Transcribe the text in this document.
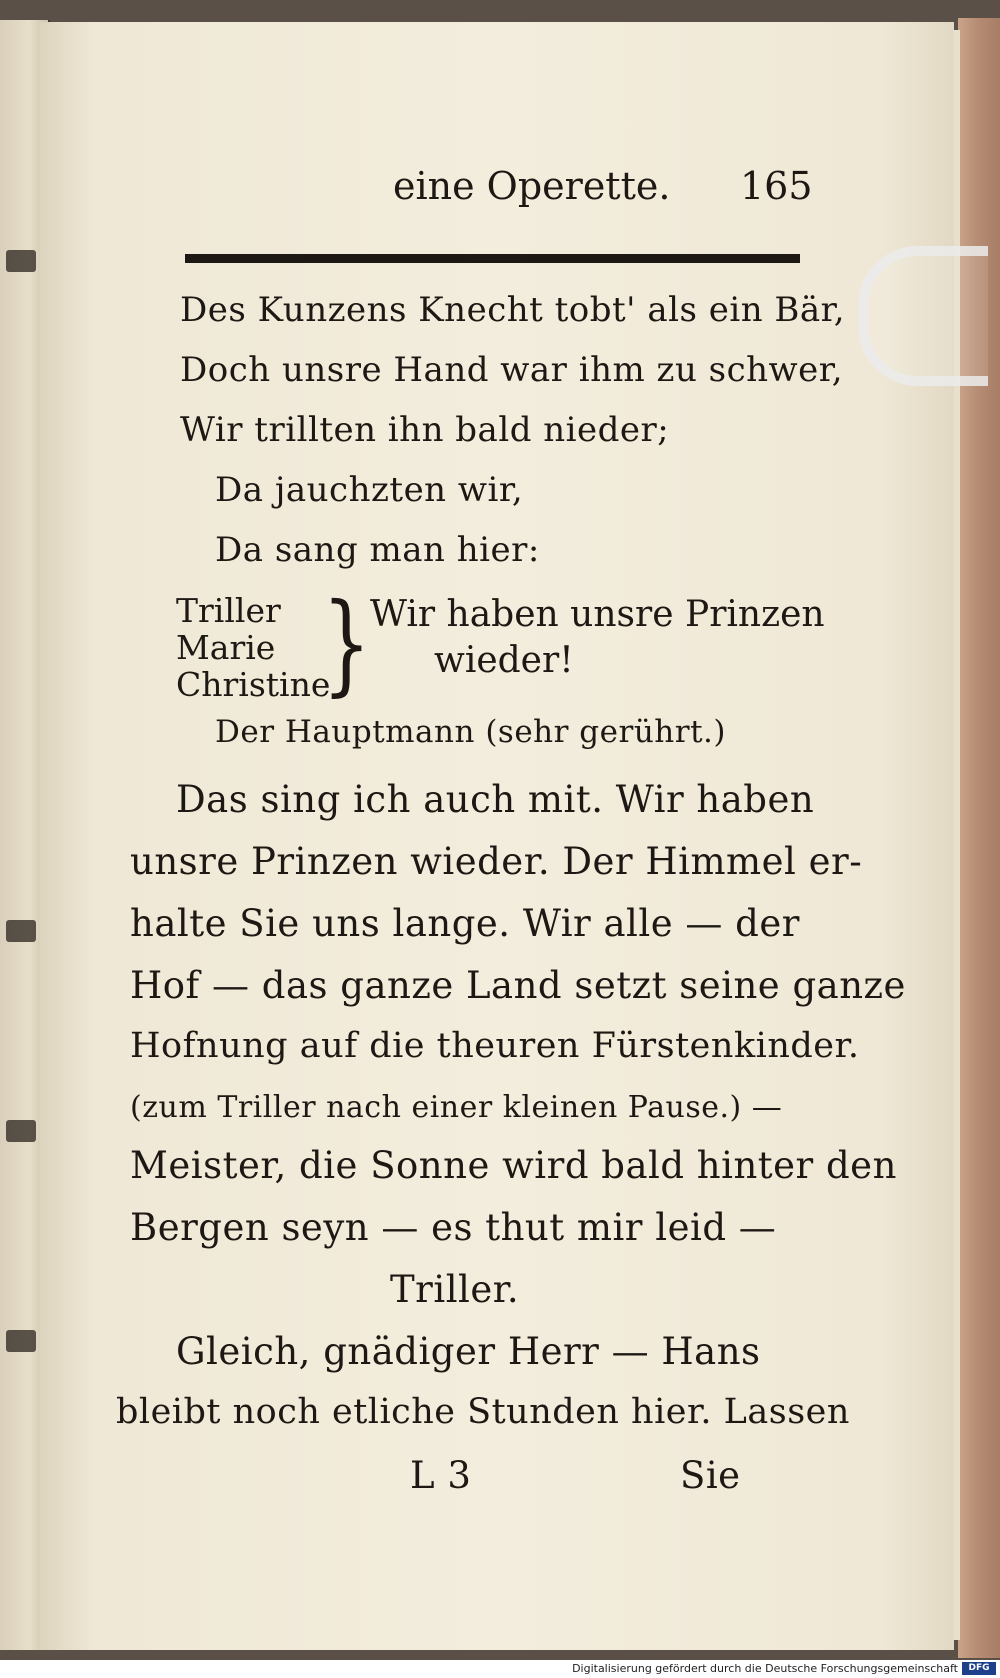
eine Operette. 165
Des Kunzens Knecht tobt' als ein Bär,
Doch unsre Hand war ihm zu schwer,
Wir trillten ihn bald nieder;
Da jauchzten wir,
Da sang man hier:
Triller
Marie
Christine
} Wir haben unsre Prinzen
wieder!
Der Hauptmann (sehr gerührt.)
Das sing ich auch mit. Wir haben
unsre Prinzen wieder. Der Himmel er-
halte Sie uns lange. Wir alle — der
Hof — das ganze Land setzt seine ganze
Hofnung auf die theuren Fürstenkinder.
(zum Triller nach einer kleinen Pause.) —
Meister, die Sonne wird bald hinter den
Bergen seyn — es thut mir leid —
Triller.
Gleich, gnädiger Herr — Hans
bleibt noch etliche Stunden hier. Lassen
L 3	Sie
Digitalisierung gefördert durch die Deutsche Forschungsgemeinschaft	DFG
